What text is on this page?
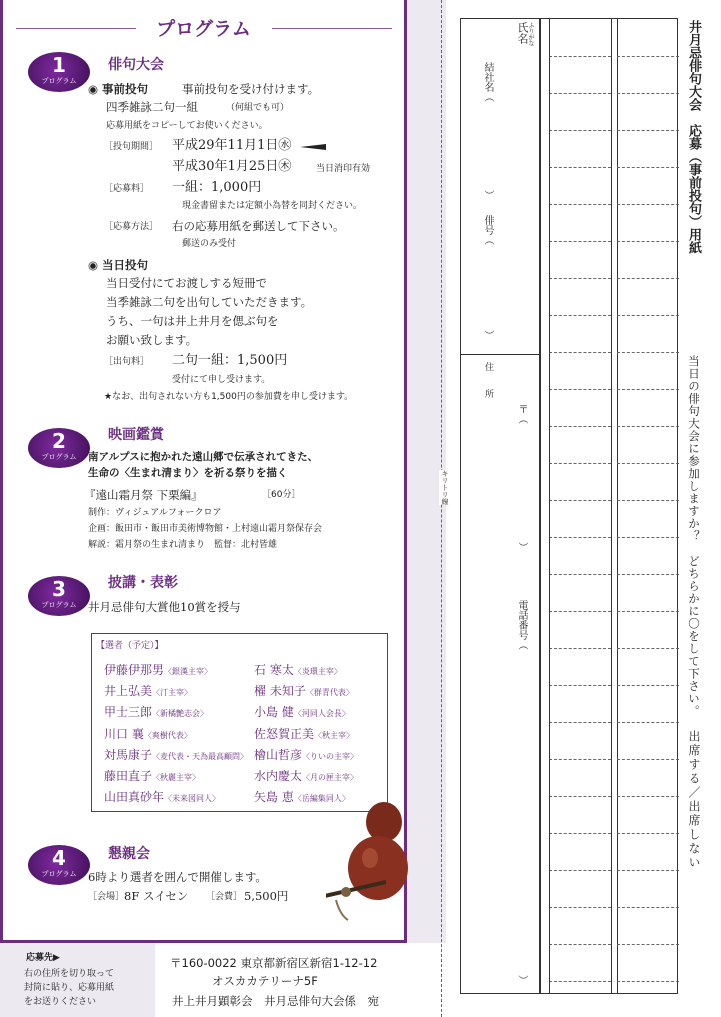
プログラム
1
プログラム
俳句大会
◉ 事前投句	事前投句を受け付けます。
四季雑詠二句一組	（何組でも可）
応募用紙をコピーしてお使いください。
［投句期間］ 平成29年11月1日㊌
平成30年1月25日㊍	当日消印有効
［応募料］ 一組：1,000円
現金書留または定額小為替を同封ください。
［応募方法］ 右の応募用紙を郵送して下さい。
郵送のみ受付
◉ 当日投句
当日受付にてお渡しする短冊で
当季雑詠二句を出句していただきます。
うち、一句は井上井月を偲ぶ句を
お願い致します。
［出句料］ 二句一組：1,500円
受付にて申し受けます。
★なお、出句されない方も1,500円の参加費を申し受けます。
2
プログラム
映画鑑賞
南アルプスに抱かれた遠山郷で伝承されてきた、
生命の〈生まれ清まり〉を祈る祭りを描く
『遠山霜月祭 下栗編』	［60分］
制作：ヴィジュアルフォークロア
企画：飯田市・飯田市美術博物館・上村遠山霜月祭保存会
解説：霜月祭の生まれ清まり　監督：北村皆雄
3
プログラム
披講・表彰
井月忌俳句大賞他10賞を授与
【選者（予定）】
伊藤伊那男〈銀漢主宰〉	石 寒太〈炎環主宰〉
井上弘美〈汀主宰〉	櫂 未知子〈群青代表〉
甲士三郎〈新橘艶志会〉	小島 健〈河同人会長〉
川口 襄〈爽樹代表〉	佐怒賀正美〈秋主宰〉
対馬康子〈麦代表・天為最高顧問〉 檜山哲彦〈りいの主宰〉
藤田直子〈秋麗主宰〉	水内慶太〈月の匣主宰〉
山田真砂年〈未来図同人〉	矢島 恵〈岳編集同人〉
4
プログラム
懇親会
6時より選者を囲んで開催します。
［会場］ 8F スイセン ［会費］ 5,500円
応募先▶
右の住所を切り取って
封筒に貼り、応募用紙
をお送りください
〒160-0022 東京都新宿区新宿1-12-12
オスカカテリーナ5F
井上井月顕彰会　井月忌俳句大会係　宛
キリトリ線
氏名
ふりがな
結社名（
）
俳号（
）
住所 〒（
）
電話番号（
）
井月忌俳句大会　応募（事前投句）用紙
当日の俳句大会に参加しますか？　どちらかに〇をして下さい。
出席する／出席しない
